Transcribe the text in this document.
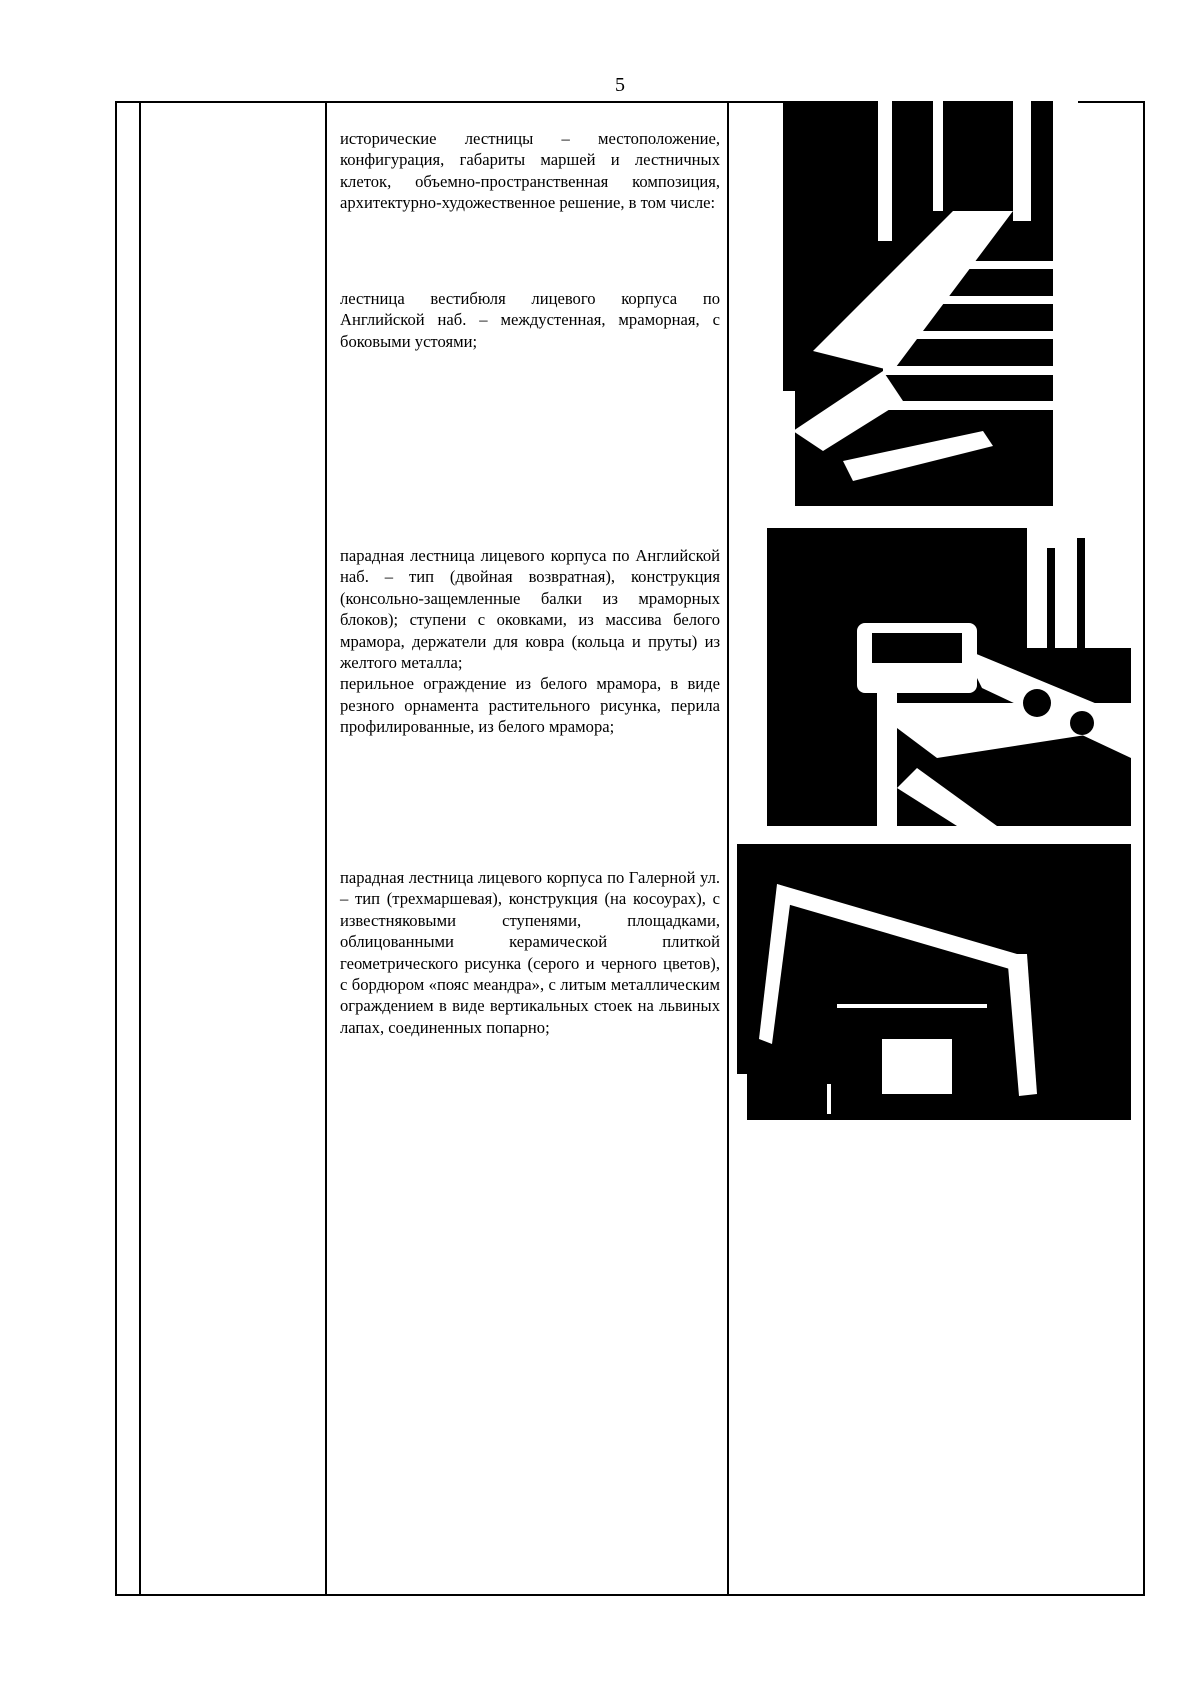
5

исторические лестницы – местоположение, конфигурация, габариты маршей и лестничных клеток, объемно-пространственная композиция, архитектурно-художественное решение, в том числе:

лестница вестибюля лицевого корпуса по Английской наб. – междустенная, мраморная, с боковыми устоями;

парадная лестница лицевого корпуса по Английской наб. – тип (двойная возвратная), конструкция (консольно-защемленные балки из мраморных блоков); ступени с оковками, из массива белого мрамора, держатели для ковра (кольца и пруты) из желтого металла;

перильное ограждение из белого мрамора, в виде резного орнамента растительного рисунка, перила профилированные, из белого мрамора;

парадная лестница лицевого корпуса по Галерной ул. – тип (трехмаршевая), конструкция (на косоурах), с известняковыми ступенями, площадками, облицованными керамической плиткой геометрического рисунка (серого и черного цветов), с бордюром «пояс меандра», с литым металлическим ограждением в виде вертикальных стоек на львиных лапах, соединенных попарно;
